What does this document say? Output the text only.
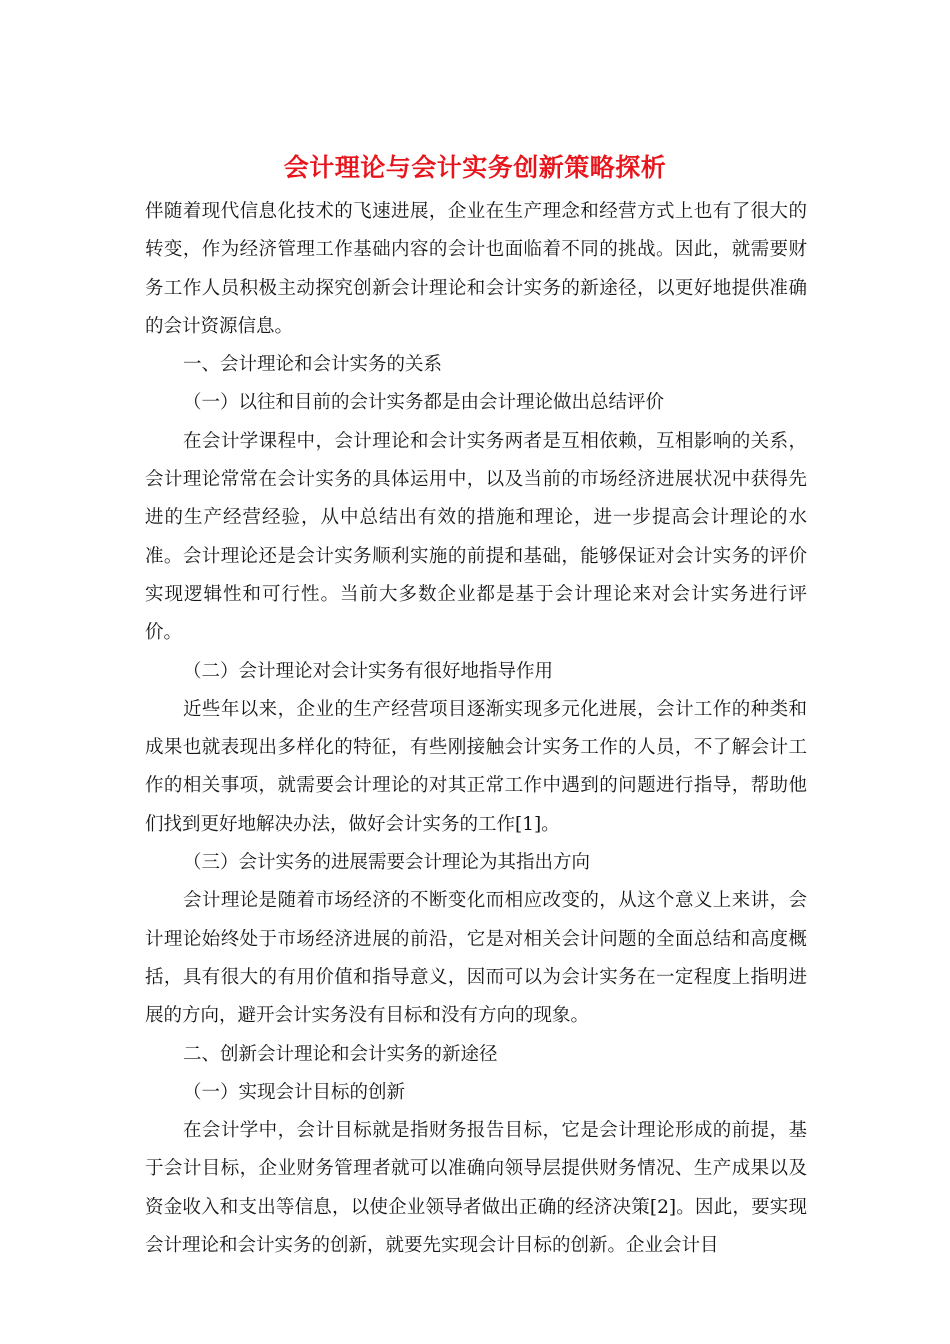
会计理论与会计实务创新策略探析

伴随着现代信息化技术的飞速进展，企业在生产理念和经营方式上也有了很大的转变，作为经济管理工作基础内容的会计也面临着不同的挑战。因此，就需要财务工作人员积极主动探究创新会计理论和会计实务的新途径，以更好地提供准确的会计资源信息。

一、会计理论和会计实务的关系

（一）以往和目前的会计实务都是由会计理论做出总结评价

在会计学课程中，会计理论和会计实务两者是互相依赖，互相影响的关系，会计理论常常在会计实务的具体运用中，以及当前的市场经济进展状况中获得先进的生产经营经验，从中总结出有效的措施和理论，进一步提高会计理论的水准。会计理论还是会计实务顺利实施的前提和基础，能够保证对会计实务的评价实现逻辑性和可行性。当前大多数企业都是基于会计理论来对会计实务进行评价。

（二）会计理论对会计实务有很好地指导作用

近些年以来，企业的生产经营项目逐渐实现多元化进展，会计工作的种类和成果也就表现出多样化的特征，有些刚接触会计实务工作的人员，不了解会计工作的相关事项，就需要会计理论的对其正常工作中遇到的问题进行指导，帮助他们找到更好地解决办法，做好会计实务的工作[1]。

（三）会计实务的进展需要会计理论为其指出方向

会计理论是随着市场经济的不断变化而相应改变的，从这个意义上来讲，会计理论始终处于市场经济进展的前沿，它是对相关会计问题的全面总结和高度概括，具有很大的有用价值和指导意义，因而可以为会计实务在一定程度上指明进展的方向，避开会计实务没有目标和没有方向的现象。

二、创新会计理论和会计实务的新途径

（一）实现会计目标的创新

在会计学中，会计目标就是指财务报告目标，它是会计理论形成的前提，基于会计目标，企业财务管理者就可以准确向领导层提供财务情况、生产成果以及资金收入和支出等信息，以使企业领导者做出正确的经济决策[2]。因此，要实现会计理论和会计实务的创新，就要先实现会计目标的创新。企业会计目
